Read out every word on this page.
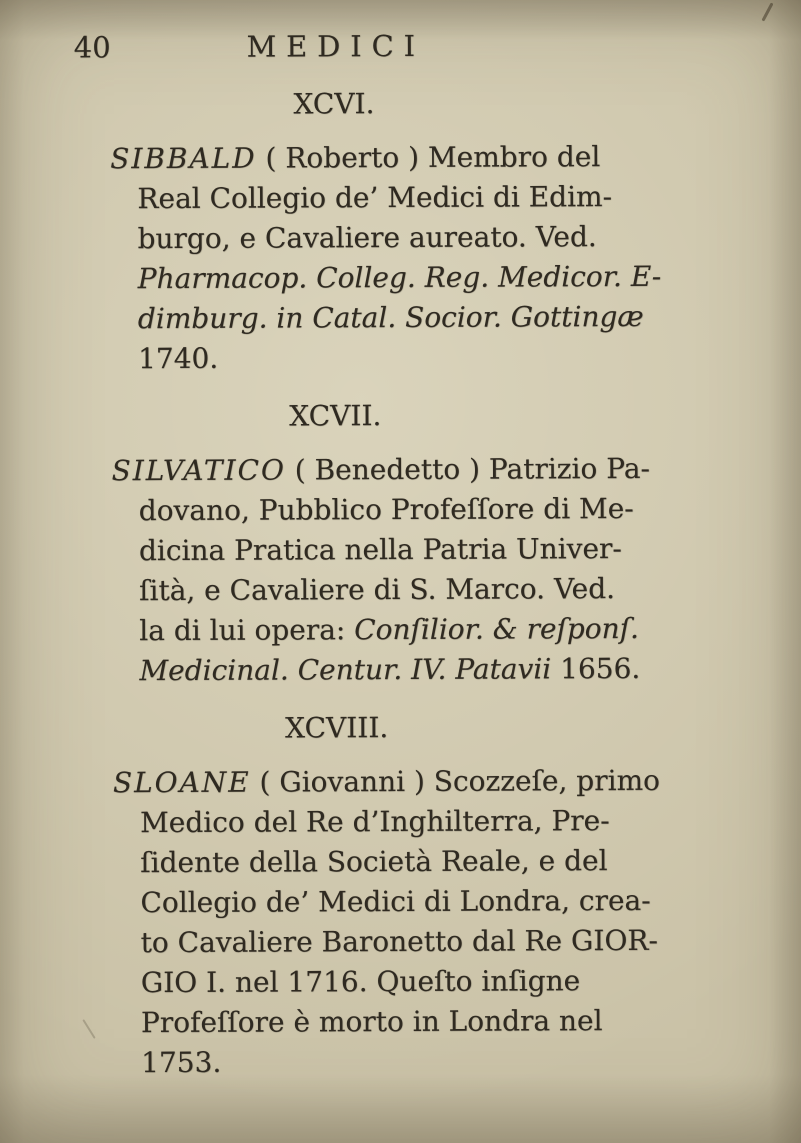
40	MEDICI
XCVI.
SIBBALD ( Roberto ) Membro del
Real Collegio de’ Medici di Edim-
burgo, e Cavaliere aureato. Ved.
Pharmacop. Colleg. Reg. Medicor. E-
dimburg. in Catal. Socior. Gottingæ
1740.
XCVII.
SILVATICO ( Benedetto ) Patrizio Pa-
dovano, Pubblico Profeſſore di Me-
dicina Pratica nella Patria Univer-
ſità, e Cavaliere di S. Marco. Ved.
la di lui opera: Conſilior. & reſponſ.
Medicinal. Centur. IV. Patavii 1656.
XCVIII.
SLOANE ( Giovanni ) Scozzeſe, primo
Medico del Re d’Inghilterra, Pre-
ſidente della Società Reale, e del
Collegio de’ Medici di Londra, crea-
to Cavaliere Baronetto dal Re GIOR-
GIO I. nel 1716. Queſto inſigne
Profeſſore è morto in Londra nel
1753.
